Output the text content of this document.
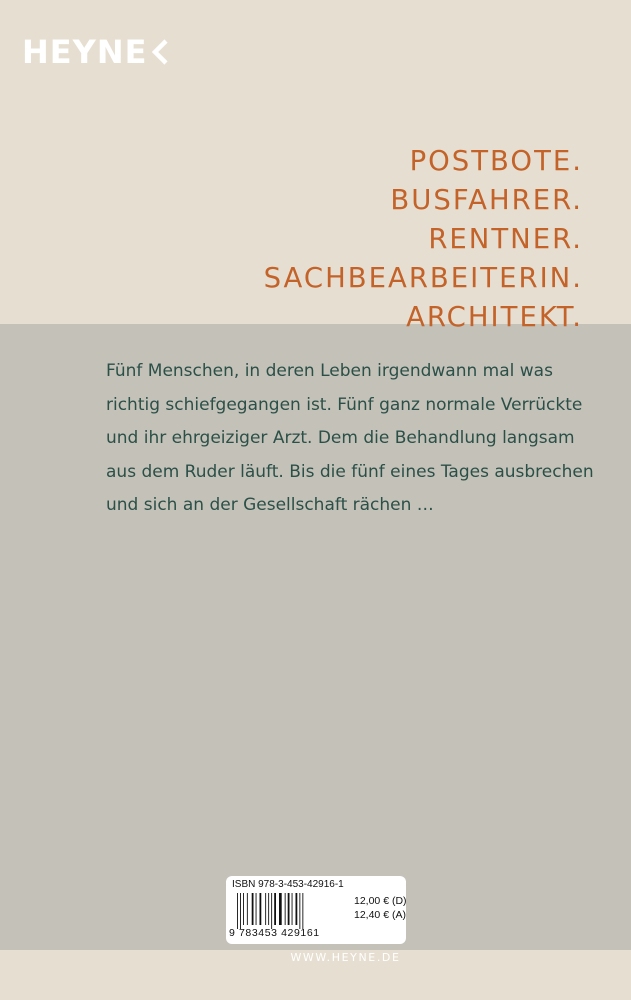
HEYNE
POSTBOTE.
BUSFAHRER.
RENTNER.
SACHBEARBEITERIN.
ARCHITEKT.
Fünf Menschen, in deren Leben irgendwann mal was
richtig schiefgegangen ist. Fünf ganz normale Verrückte
und ihr ehrgeiziger Arzt. Dem die Behandlung langsam
aus dem Ruder läuft. Bis die fünf eines Tages ausbrechen
und sich an der Gesellschaft rächen …
ISBN 978-3-453-42916-1
9 783453 429161
12,00 € (D)
12,40 € (A)
WWW.HEYNE.DE
